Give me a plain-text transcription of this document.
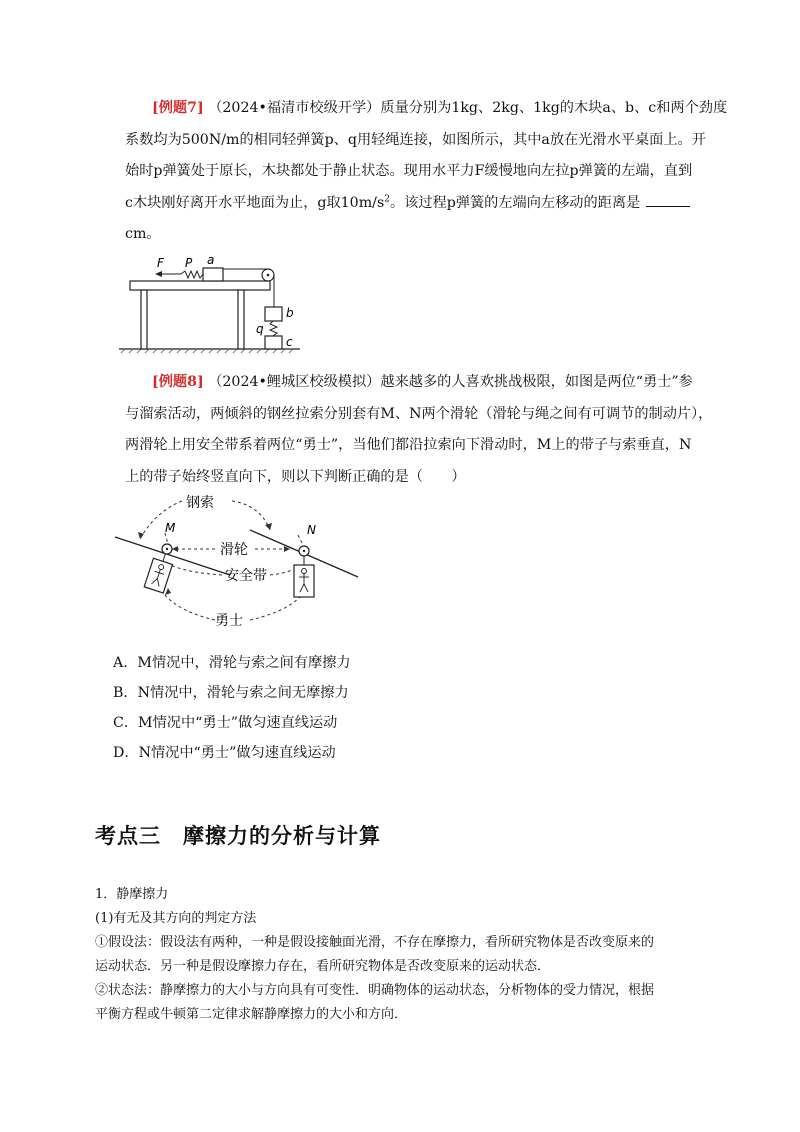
[例题7] （2024•福清市校级开学）质量分别为1kg、2kg、1kg的木块a、b、c和两个劲度
系数均为500N/m的相同轻弹簧p、q用轻绳连接，如图所示，其中a放在光滑水平桌面上。开
始时p弹簧处于原长，木块都处于静止状态。现用水平力F缓慢地向左拉p弹簧的左端，直到
c木块刚好离开水平地面为止，g取$10m/s^2$。该过程p弹簧的左端向左移动的距离是
cm。
F P a
b
q
c
[例题8] （2024•鲤城区校级模拟）越来越多的人喜欢挑战极限，如图是两位“勇士”参
与溜索活动，两倾斜的钢丝拉索分别套有M、N两个滑轮（滑轮与绳之间有可调节的制动片），
两滑轮上用安全带系着两位“勇士”，当他们都沿拉索向下滑动时，M上的带子与索垂直，N
上的带子始终竖直向下，则以下判断正确的是（　　）
钢索
M	N
滑轮
安全带
勇士
A．M情况中，滑轮与索之间有摩擦力
B．N情况中，滑轮与索之间无摩擦力
C．M情况中“勇士”做匀速直线运动
D．N情况中“勇士”做匀速直线运动
考点三 摩擦力的分析与计算
1．静摩擦力
(1)有无及其方向的判定方法
①假设法：假设法有两种，一种是假设接触面光滑，不存在摩擦力，看所研究物体是否改变原来的
运动状态．另一种是假设摩擦力存在，看所研究物体是否改变原来的运动状态．
②状态法：静摩擦力的大小与方向具有可变性．明确物体的运动状态，分析物体的受力情况，根据
平衡方程或牛顿第二定律求解静摩擦力的大小和方向．
